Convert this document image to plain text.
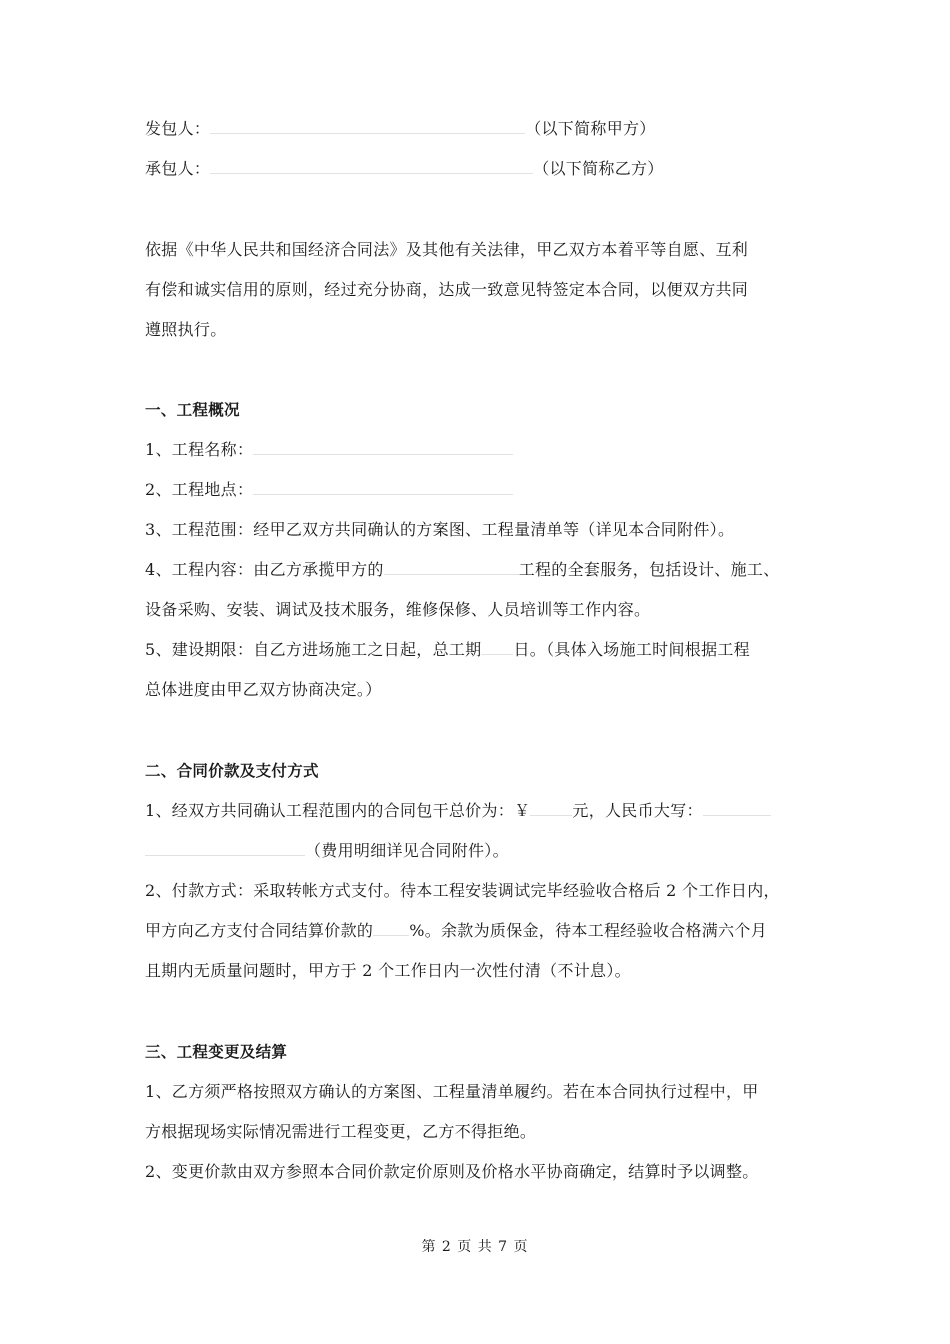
发包人：	（以下简称甲方）
承包人：	（以下简称乙方）
依据《中华人民共和国经济合同法》及其他有关法律，甲乙双方本着平等自愿、互利
有偿和诚实信用的原则，经过充分协商，达成一致意见特签定本合同，以便双方共同
遵照执行。
一、工程概况
1、工程名称：
2、工程地点：
3、工程范围：经甲乙双方共同确认的方案图、工程量清单等（详见本合同附件）。
4、工程内容：由乙方承揽甲方的	工程的全套服务，包括设计、施工、
设备采购、安装、调试及技术服务，维修保修、人员培训等工作内容。
5、建设期限：自乙方进场施工之日起，总工期 日。（具体入场施工时间根据工程
总体进度由甲乙双方协商决定。）
二、合同价款及支付方式
1、经双方共同确认工程范围内的合同包干总价为：￥	元，人民币大写：
（费用明细详见合同附件）。
2、付款方式：采取转帐方式支付。待本工程安装调试完毕经验收合格后 2 个工作日内，
甲方向乙方支付合同结算价款的 %。余款为质保金，待本工程经验收合格满六个月
且期内无质量问题时，甲方于 2 个工作日内一次性付清（不计息）。
三、工程变更及结算
1、乙方须严格按照双方确认的方案图、工程量清单履约。若在本合同执行过程中，甲
方根据现场实际情况需进行工程变更，乙方不得拒绝。
2、变更价款由双方参照本合同价款定价原则及价格水平协商确定，结算时予以调整。
第 2 页 共 7 页
